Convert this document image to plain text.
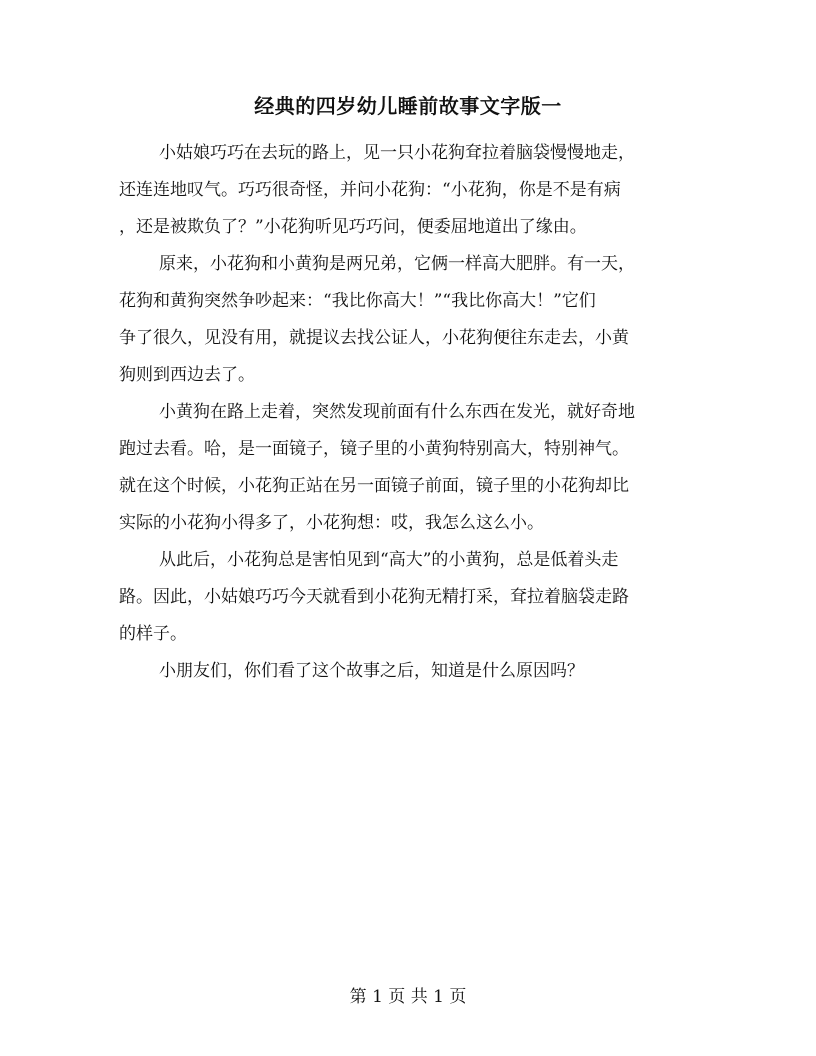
经典的四岁幼儿睡前故事文字版一

小姑娘巧巧在去玩的路上，见一只小花狗耷拉着脑袋慢慢地走，
还连连地叹气。巧巧很奇怪，并问小花狗：“小花狗，你是不是有病
，还是被欺负了？”小花狗听见巧巧问，便委屈地道出了缘由。

原来，小花狗和小黄狗是两兄弟，它俩一样高大肥胖。有一天，
花狗和黄狗突然争吵起来：“我比你高大！”“我比你高大！”它们
争了很久，见没有用，就提议去找公证人，小花狗便往东走去，小黄
狗则到西边去了。

小黄狗在路上走着，突然发现前面有什么东西在发光，就好奇地
跑过去看。哈，是一面镜子，镜子里的小黄狗特别高大，特别神气。
就在这个时候，小花狗正站在另一面镜子前面，镜子里的小花狗却比
实际的小花狗小得多了，小花狗想：哎，我怎么这么小。

从此后，小花狗总是害怕见到“高大”的小黄狗，总是低着头走
路。因此，小姑娘巧巧今天就看到小花狗无精打采，耷拉着脑袋走路
的样子。

小朋友们，你们看了这个故事之后，知道是什么原因吗？

第 1 页 共 1 页
